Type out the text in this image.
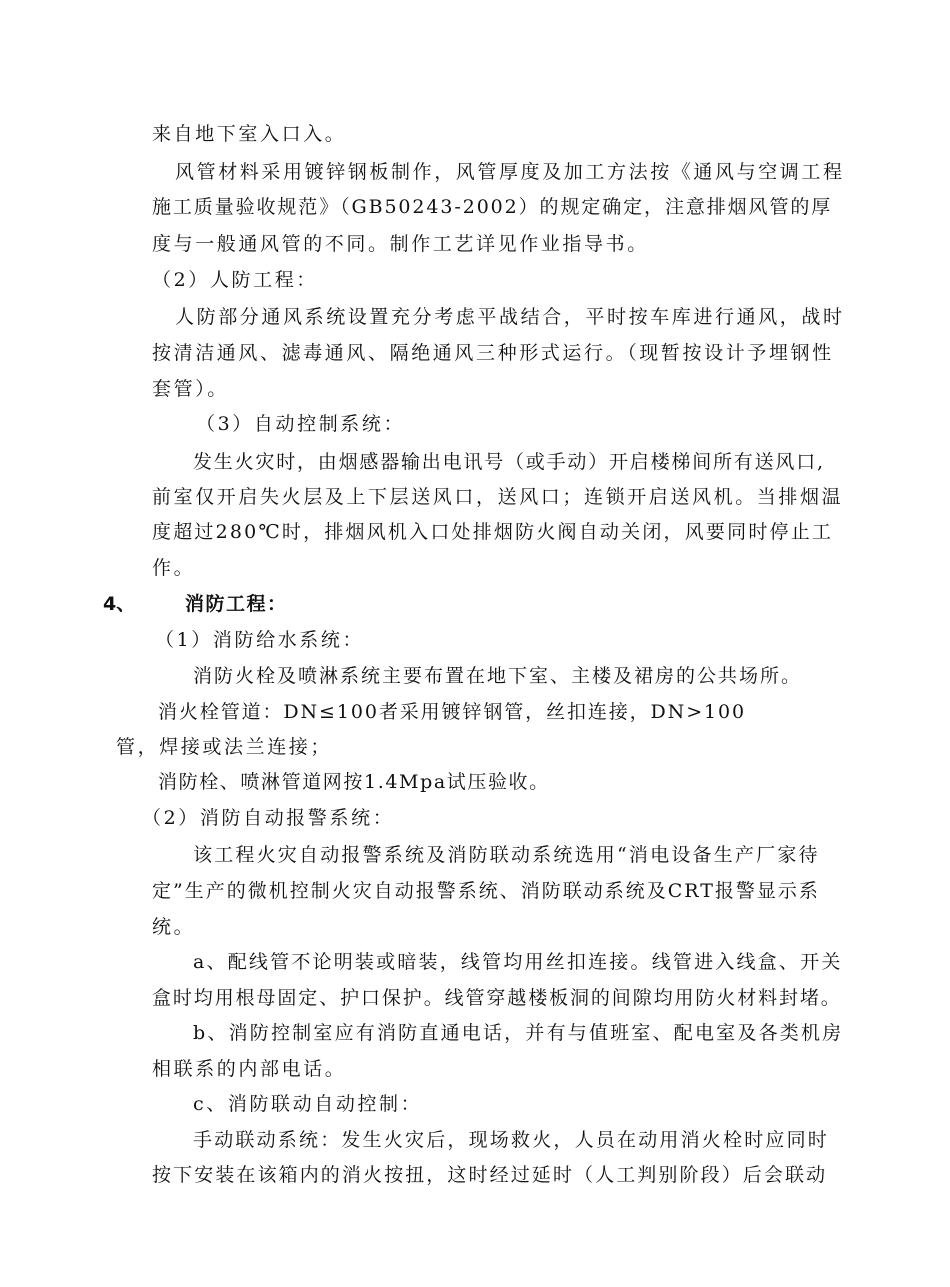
来自地下室入口入。
风管材料采用镀锌钢板制作，风管厚度及加工方法按《通风与空调工程
施工质量验收规范》（GB50243-2002）的规定确定，注意排烟风管的厚
度与一般通风管的不同。制作工艺详见作业指导书。
（2）人防工程：
人防部分通风系统设置充分考虑平战结合，平时按车库进行通风，战时
按清洁通风、滤毒通风、隔绝通风三种形式运行。（现暂按设计予埋钢性
套管）。
（3）自动控制系统：
发生火灾时，由烟感器输出电讯号（或手动）开启楼梯间所有送风口,
前室仅开启失火层及上下层送风口，送风口；连锁开启送风机。当排烟温
度超过280℃时，排烟风机入口处排烟防火阀自动关闭，风要同时停止工
作。
4、	消防工程：
（1）消防给水系统：
消防火栓及喷淋系统主要布置在地下室、主楼及裙房的公共场所。
消火栓管道：DN≤100者采用镀锌钢管，丝扣连接，DN>100
管，焊接或法兰连接；
消防栓、喷淋管道网按1.4Mpa试压验收。
（2）消防自动报警系统：
该工程火灾自动报警系统及消防联动系统选用“消电设备生产厂家待
定”生产的微机控制火灾自动报警系统、消防联动系统及CRT报警显示系
统。
a、配线管不论明装或暗装，线管均用丝扣连接。线管进入线盒、开关
盒时均用根母固定、护口保护。线管穿越楼板洞的间隙均用防火材料封堵。
b、消防控制室应有消防直通电话，并有与值班室、配电室及各类机房
相联系的内部电话。
c、消防联动自动控制：
手动联动系统：发生火灾后，现场救火，人员在动用消火栓时应同时
按下安装在该箱内的消火按扭，这时经过延时（人工判别阶段）后会联动
